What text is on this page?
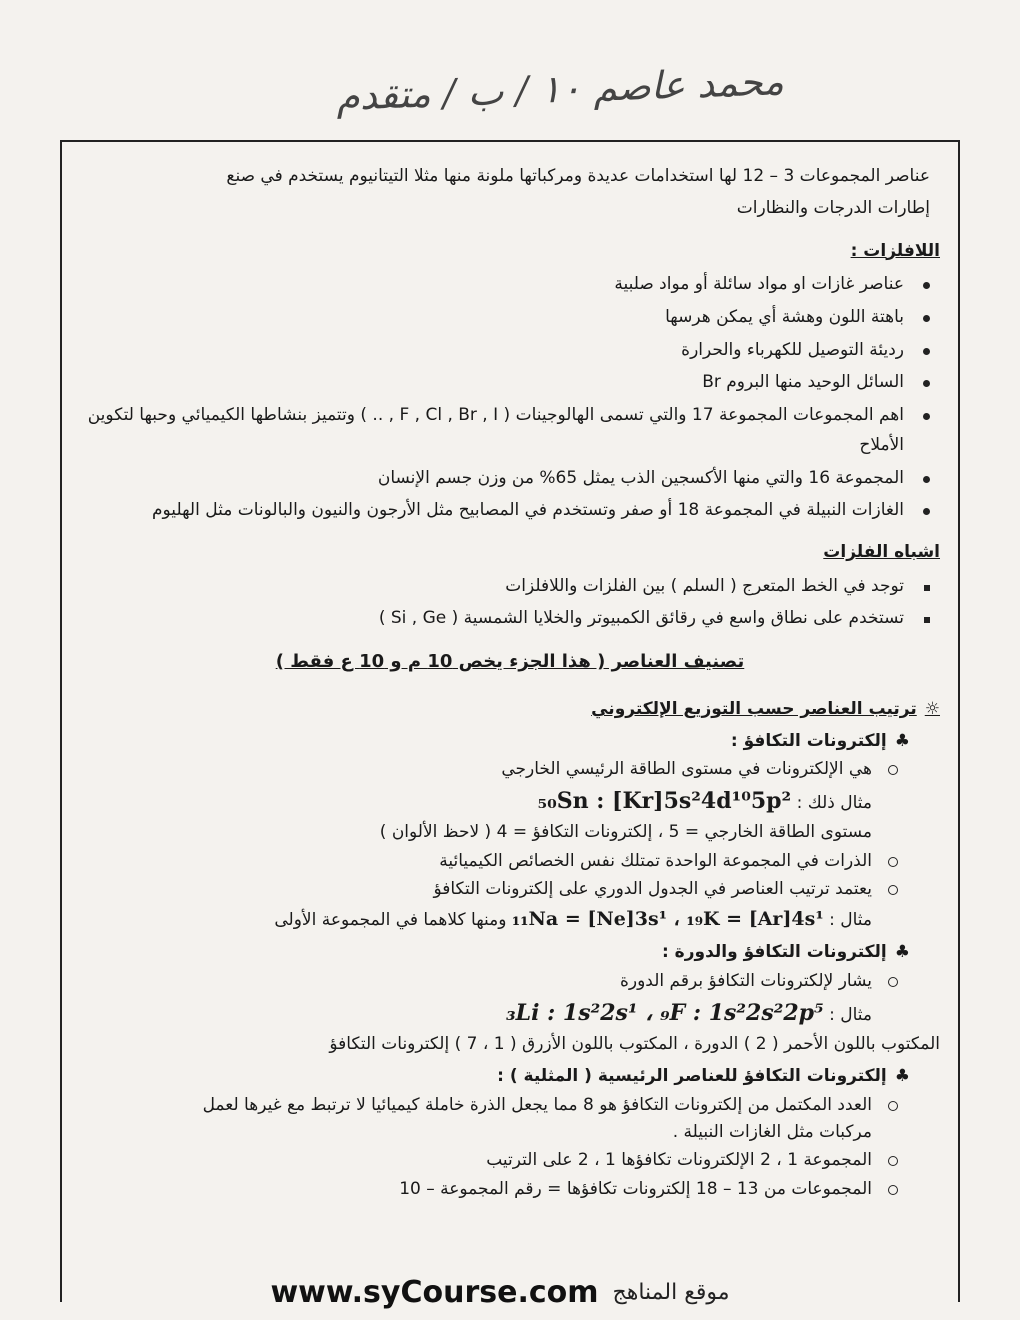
محمد عاصم ١٠ / ب / متقدم
عناصر المجموعات 3 – 12 لها استخدامات عديدة ومركباتها ملونة منها مثلا التيتانيوم يستخدم في صنع
إطارات الدرجات والنظارات
اللافلزات :
عناصر غازات او مواد سائلة أو مواد صلبية
باهتة اللون وهشة أي يمكن هرسها
رديئة التوصيل للكهرباء والحرارة
السائل الوحيد منها البروم Br
اهم المجموعات المجموعة 17 والتي تسمى الهالوجينات ( F , Cl , Br , I , .. ) وتتميز بنشاطها الكيميائي وحبها لتكوين الأملاح
المجموعة 16 والتي منها الأكسجين الذب يمثل 65% من وزن جسم الإنسان
الغازات النبيلة في المجموعة 18 أو صفر وتستخدم في المصابيح مثل الأرجون والنيون والبالونات مثل الهليوم
اشباه الفلزات
توجد في الخط المتعرج ( السلم ) بين الفلزات واللافلزات
تستخدم على نطاق واسع في رقائق الكمبيوتر والخلايا الشمسية ( Si , Ge )
تصنيف العناصر ( هذا الجزء يخص 10 م و 10 ع فقط )
☼ترتيب العناصر حسب التوزيع الإلكتروني
♣إلكترونات التكافؤ :
هي الإلكترونات في مستوى الطاقة الرئيسي الخارجي
مثال ذلك : ₅₀Sn : [Kr]5s²4d¹⁰5p²
مستوى الطاقة الخارجي = 5 ، إلكترونات التكافؤ = 4 ( لاحظ الألوان )
الذرات في المجموعة الواحدة تمتلك نفس الخصائص الكيميائية
يعتمد ترتيب العناصر في الجدول الدوري على إلكترونات التكافؤ
مثال : ₁₁Na = [Ne]3s¹ ، ₁₉K = [Ar]4s¹ ومنها كلاهما في المجموعة الأولى
♣إلكترونات التكافؤ والدورة :
يشار لإلكترونات التكافؤ برقم الدورة
مثال : ₃Li : 1s²2s¹ ، ₉F : 1s²2s²2p⁵
المكتوب باللون الأحمر ( 2 ) الدورة ، المكتوب باللون الأزرق ( 1 ، 7 ) إلكترونات التكافؤ
♣إلكترونات التكافؤ للعناصر الرئيسية ( المثلية ) :
العدد المكتمل من إلكترونات التكافؤ هو 8 مما يجعل الذرة خاملة كيميائيا لا ترتبط مع غيرها لعمل
مركبات مثل الغازات النبيلة .
المجموعة 1 ، 2 الإلكترونات تكافؤها 1 ، 2 على الترتيب
المجموعات من 13 – 18 إلكترونات تكافؤها = رقم المجموعة – 10
www.syCourse.com موقع المناهج
